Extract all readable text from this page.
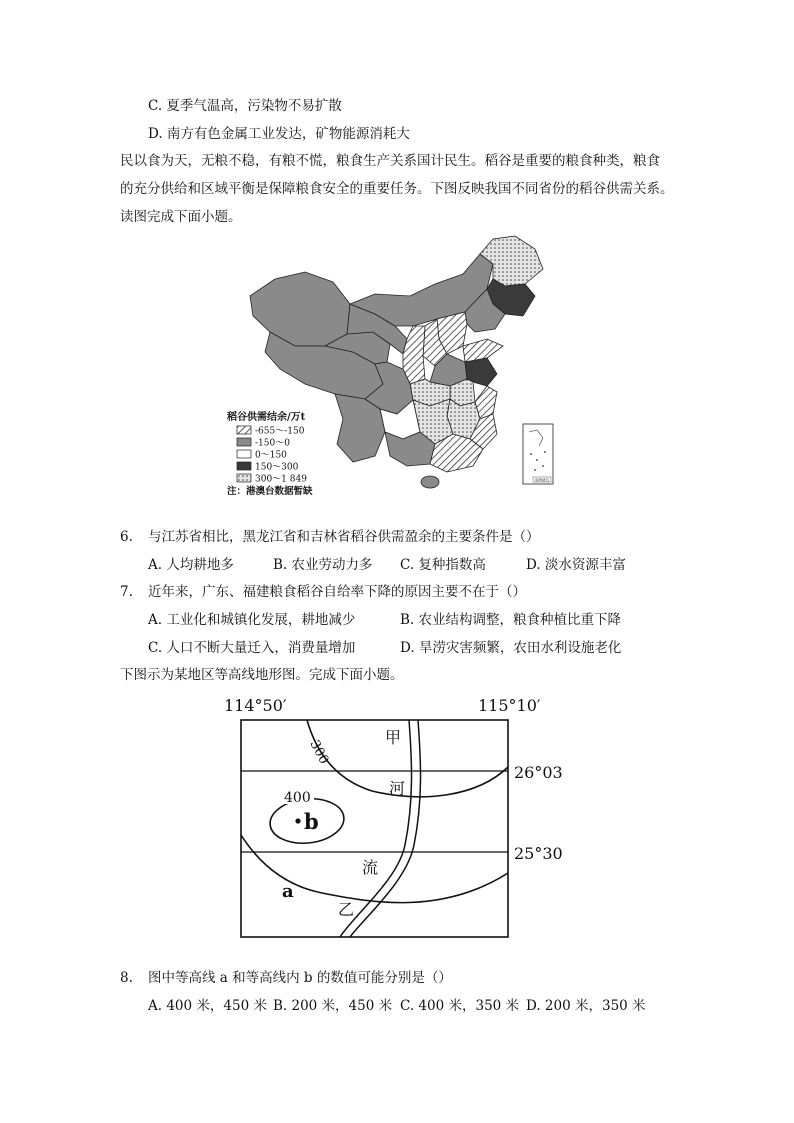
C. 夏季气温高，污染物不易扩散
D. 南方有色金属工业发达，矿物能源消耗大
民以食为天，无粮不稳，有粮不慌，粮食生产关系国计民生。稻谷是重要的粮食种类，粮食
的充分供给和区域平衡是保障粮食安全的重要任务。下图反映我国不同省份的稻谷供需关系。
读图完成下面小题。
南海诸岛
稻谷供需结余/万t
-655～-150
-150～0
0～150
150～300
300～1 849
注：港澳台数据暂缺
6. 与江苏省相比，黑龙江省和吉林省稻谷供需盈余的主要条件是（）
A. 人均耕地多	B. 农业劳动力多 C. 复种指数高	D. 淡水资源丰富
7. 近年来，广东、福建粮食稻谷自给率下降的原因主要不在于（）
A. 工业化和城镇化发展，耕地减少	B. 农业结构调整，粮食种植比重下降
C. 人口不断大量迁入，消费量增加	D. 旱涝灾害频繁，农田水利设施老化
下图示为某地区等高线地形图。完成下面小题。
114°50′	115°10′
26°03′
25°30′
300
400
b
a
甲
河
流
乙
8. 图中等高线 a 和等高线内 b 的数值可能分别是（）
A. 400 米，450 米 B. 200 米，450 米 C. 400 米，350 米 D. 200 米，350 米
